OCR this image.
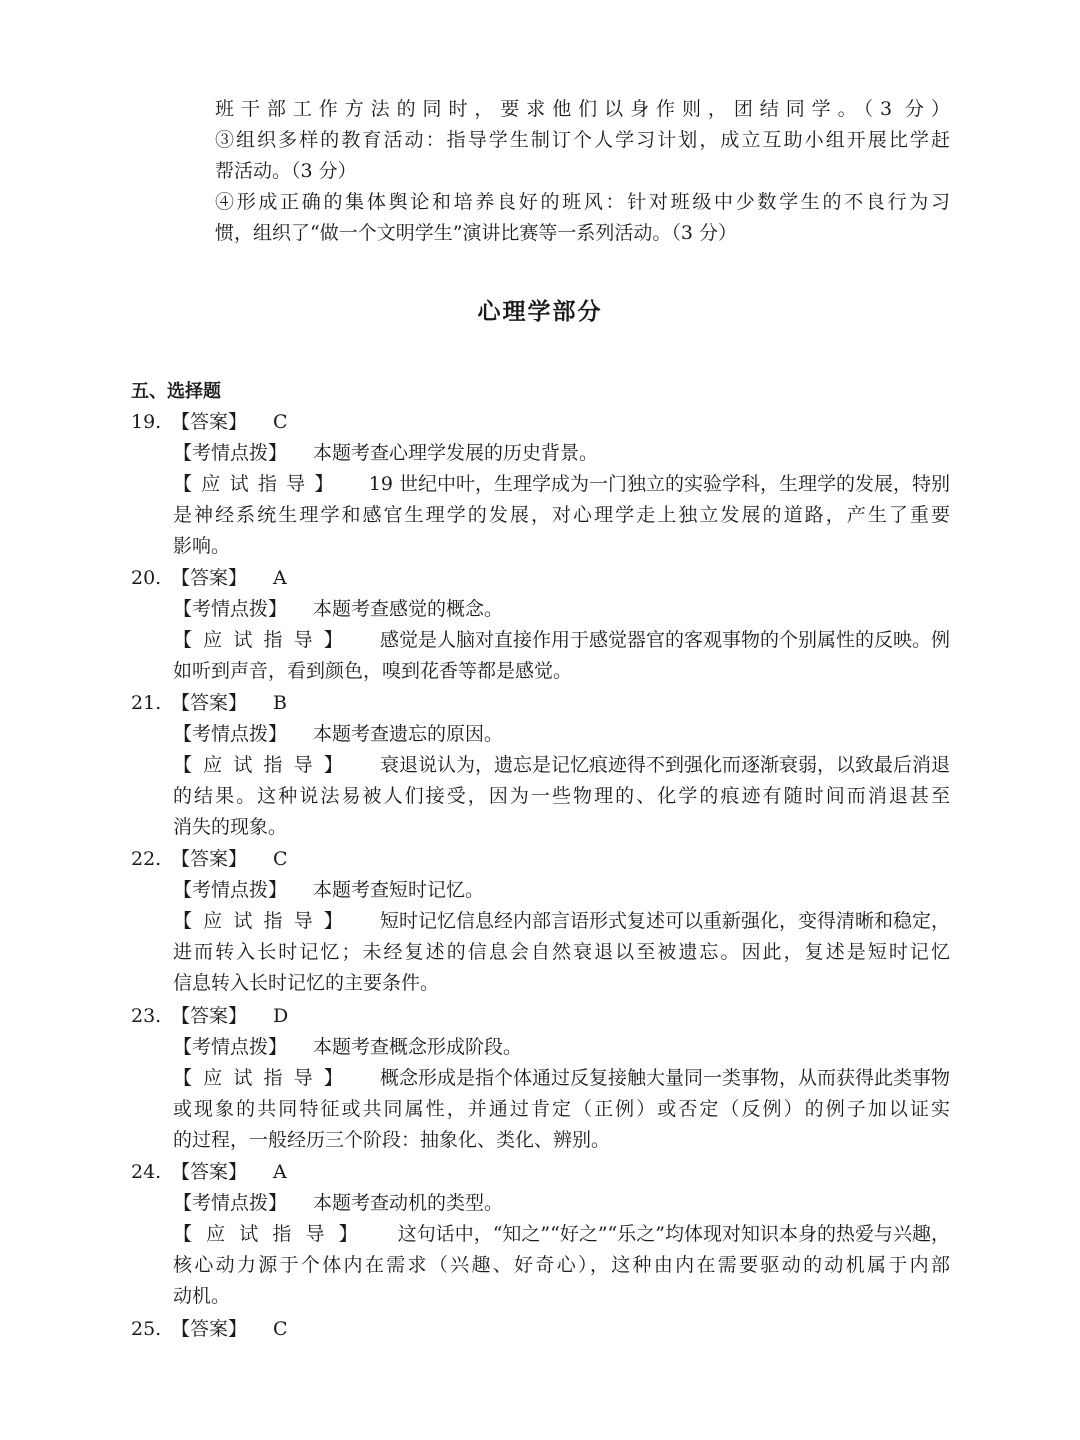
班干部工作方法的同时，要求他们以身作则，团结同学。（3 分）
③组织多样的教育活动：指导学生制订个人学习计划，成立互助小组开展比学赶
帮活动。（3 分）
④形成正确的集体舆论和培养良好的班风：针对班级中少数学生的不良行为习
惯，组织了“做一个文明学生”演讲比赛等一系列活动。（3 分）
心理学部分
五、选择题
19. 【答案】 C
【考情点拨】 本题考查心理学发展的历史背景。
【应试指导】 19 世纪中叶，生理学成为一门独立的实验学科，生理学的发展，特别
是神经系统生理学和感官生理学的发展，对心理学走上独立发展的道路，产生了重要
影响。
20. 【答案】 A
【考情点拨】 本题考查感觉的概念。
【应试指导】 感觉是人脑对直接作用于感觉器官的客观事物的个别属性的反映。例
如听到声音，看到颜色，嗅到花香等都是感觉。
21. 【答案】 B
【考情点拨】 本题考查遗忘的原因。
【应试指导】 衰退说认为，遗忘是记忆痕迹得不到强化而逐渐衰弱，以致最后消退
的结果。这种说法易被人们接受，因为一些物理的、化学的痕迹有随时间而消退甚至
消失的现象。
22. 【答案】 C
【考情点拨】 本题考查短时记忆。
【应试指导】 短时记忆信息经内部言语形式复述可以重新强化，变得清晰和稳定，
进而转入长时记忆；未经复述的信息会自然衰退以至被遗忘。因此，复述是短时记忆
信息转入长时记忆的主要条件。
23. 【答案】 D
【考情点拨】 本题考查概念形成阶段。
【应试指导】 概念形成是指个体通过反复接触大量同一类事物，从而获得此类事物
或现象的共同特征或共同属性，并通过肯定（正例）或否定（反例）的例子加以证实
的过程，一般经历三个阶段：抽象化、类化、辨别。
24. 【答案】 A
【考情点拨】 本题考查动机的类型。
【应试指导】 这句话中，“知之”“好之”“乐之”均体现对知识本身的热爱与兴趣，
核心动力源于个体内在需求（兴趣、好奇心），这种由内在需要驱动的动机属于内部
动机。
25. 【答案】 C
